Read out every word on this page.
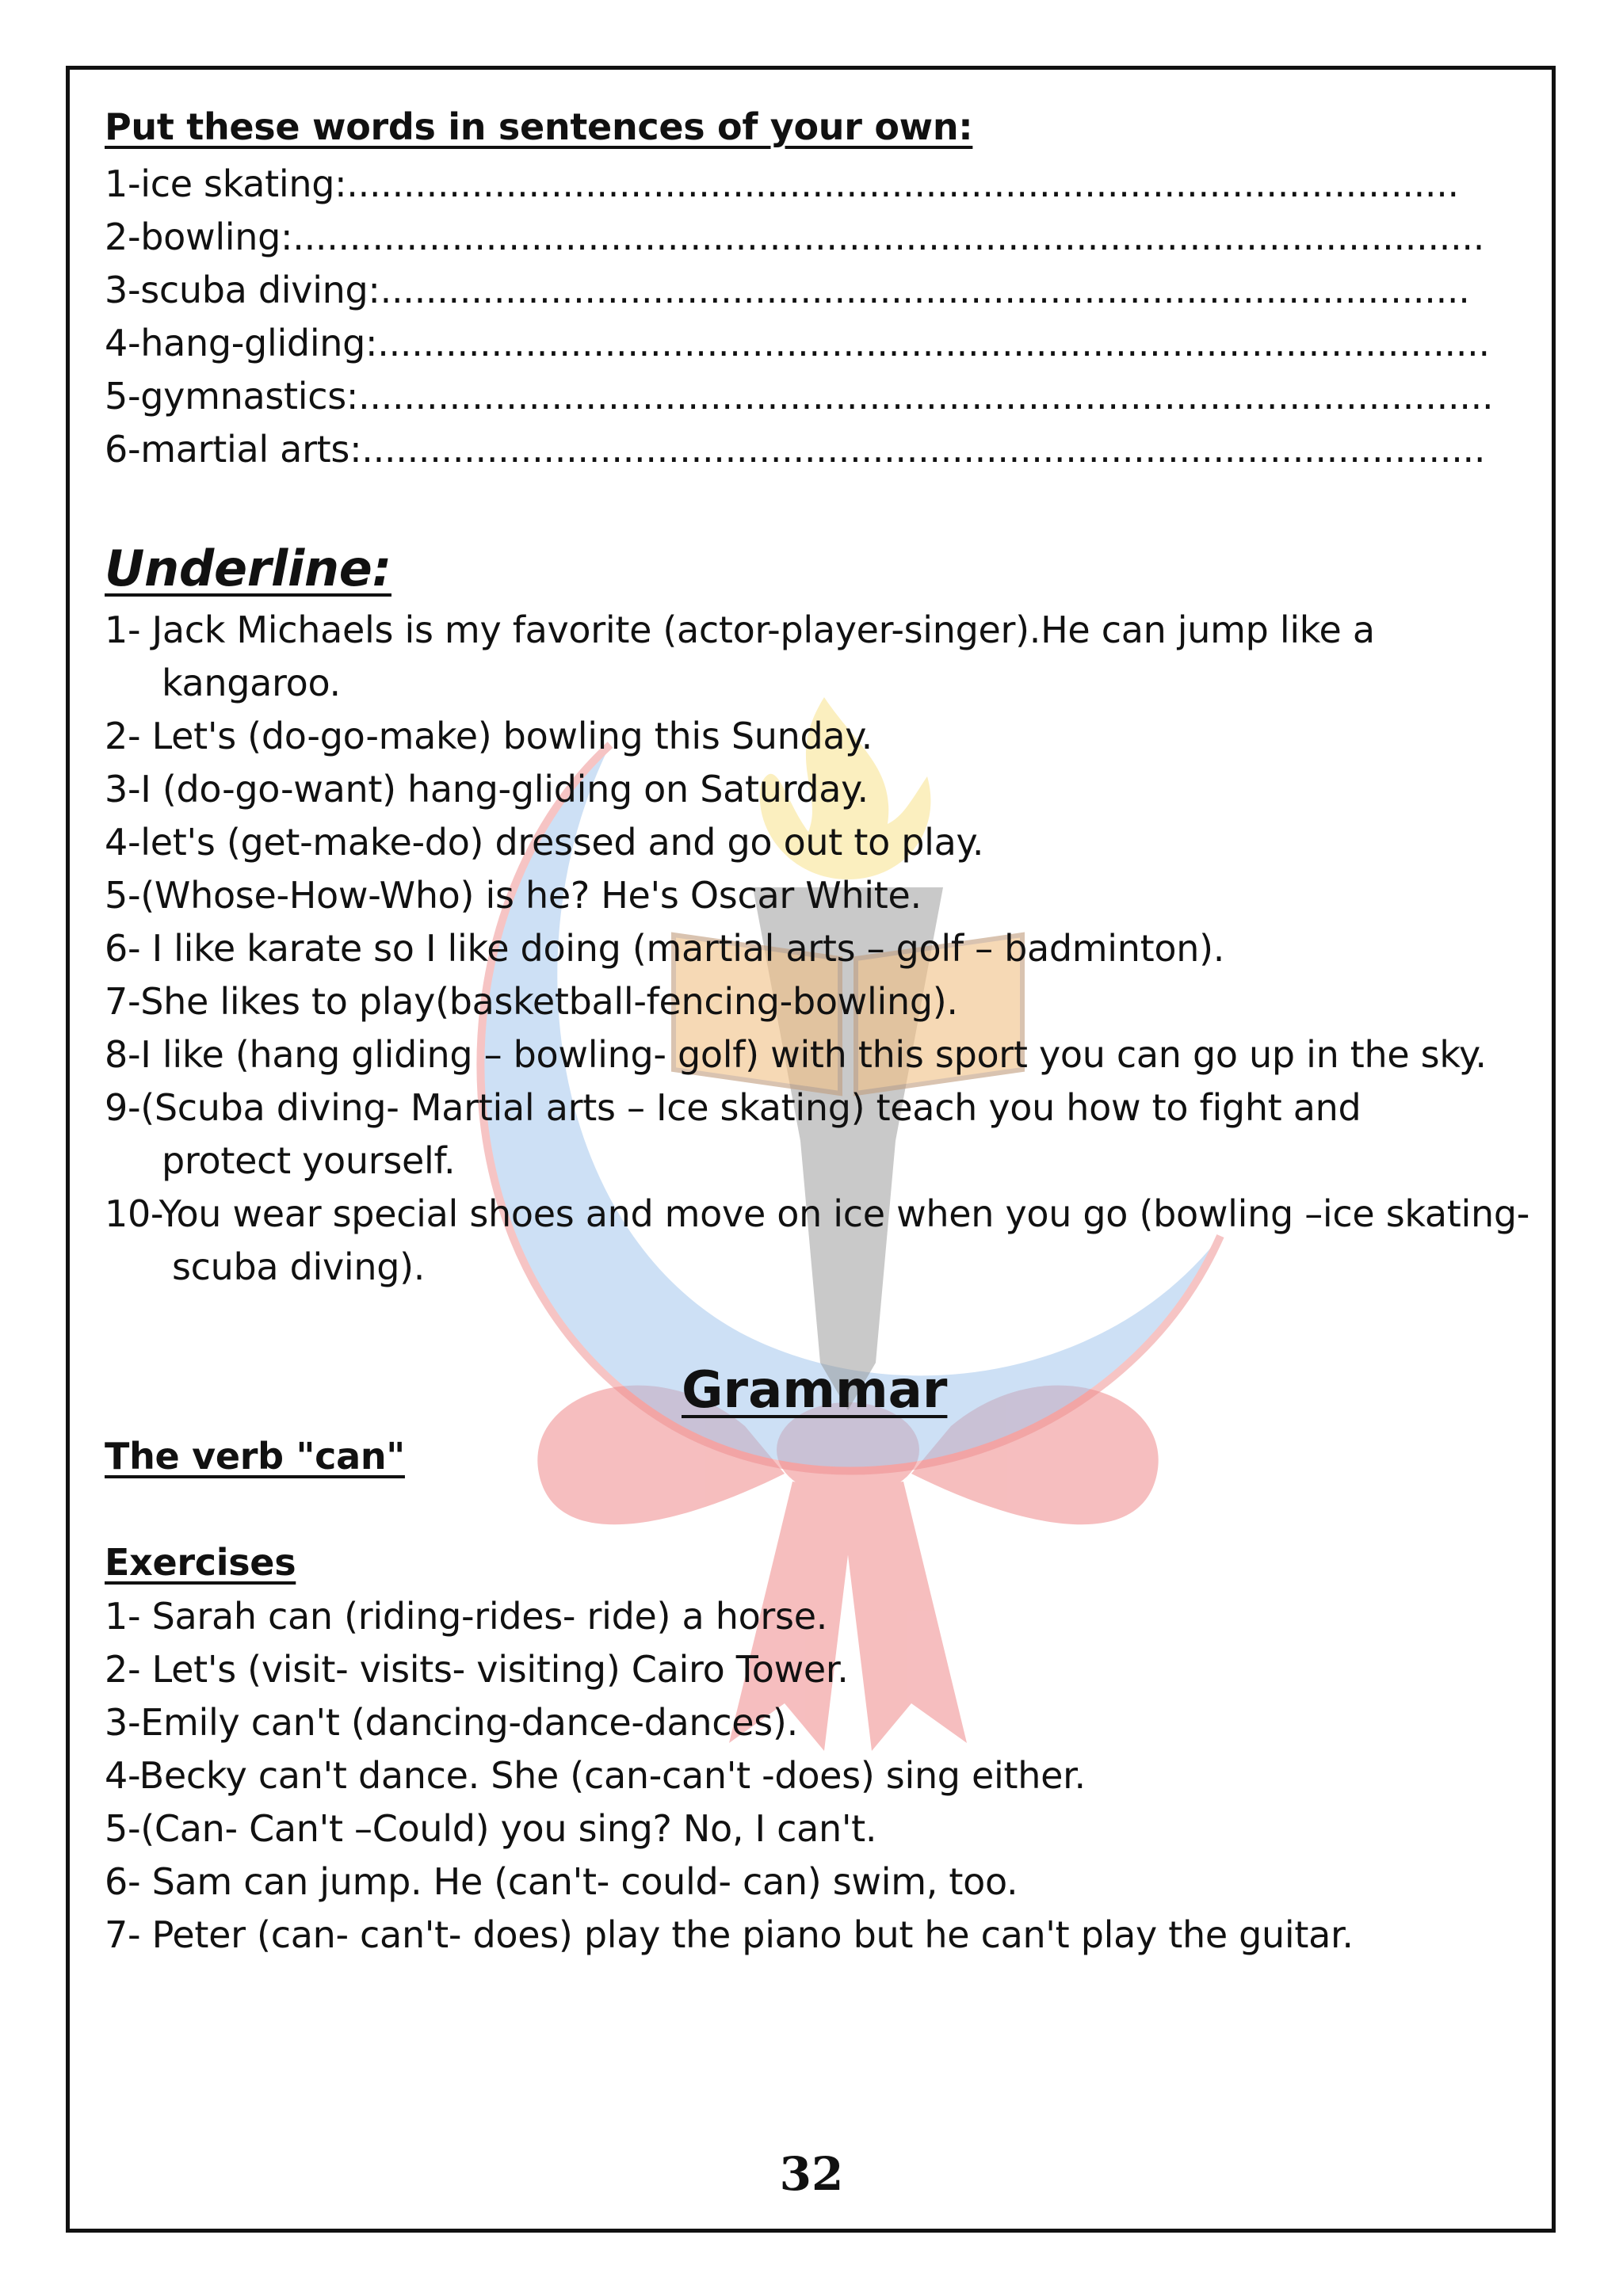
Put these words in sentences of your own:
1-ice skating:..................................................................................................
2-bowling:.........................................................................................................
3-scuba diving:................................................................................................
4-hang-gliding:..................................................................................................
5-gymnastics:....................................................................................................
6-martial arts:...................................................................................................
Underline:
1- Jack Michaels is my favorite (actor-player-singer).He can jump like a
kangaroo.
2- Let's (do-go-make) bowling this Sunday.
3-I (do-go-want) hang-gliding on Saturday.
4-let's (get-make-do) dressed and go out to play.
5-(Whose-How-Who) is he? He's Oscar White.
6- I like karate so I like doing (martial arts – golf – badminton).
7-She likes to play(basketball-fencing-bowling).
8-I like (hang gliding – bowling- golf) with this sport you can go up in the sky.
9-(Scuba diving- Martial arts – Ice skating) teach you how to fight and
protect yourself.
10-You wear special shoes and move on ice when you go (bowling –ice skating-
scuba diving).
Grammar
The verb "can"
Exercises
1- Sarah can (riding-rides- ride) a horse.
2- Let's (visit- visits- visiting) Cairo Tower.
3-Emily can't (dancing-dance-dances).
4-Becky can't dance. She (can-can't -does) sing either.
5-(Can- Can't –Could) you sing? No, I can't.
6- Sam can jump. He (can't- could- can) swim, too.
7- Peter (can- can't- does) play the piano but he can't play the guitar.
32
